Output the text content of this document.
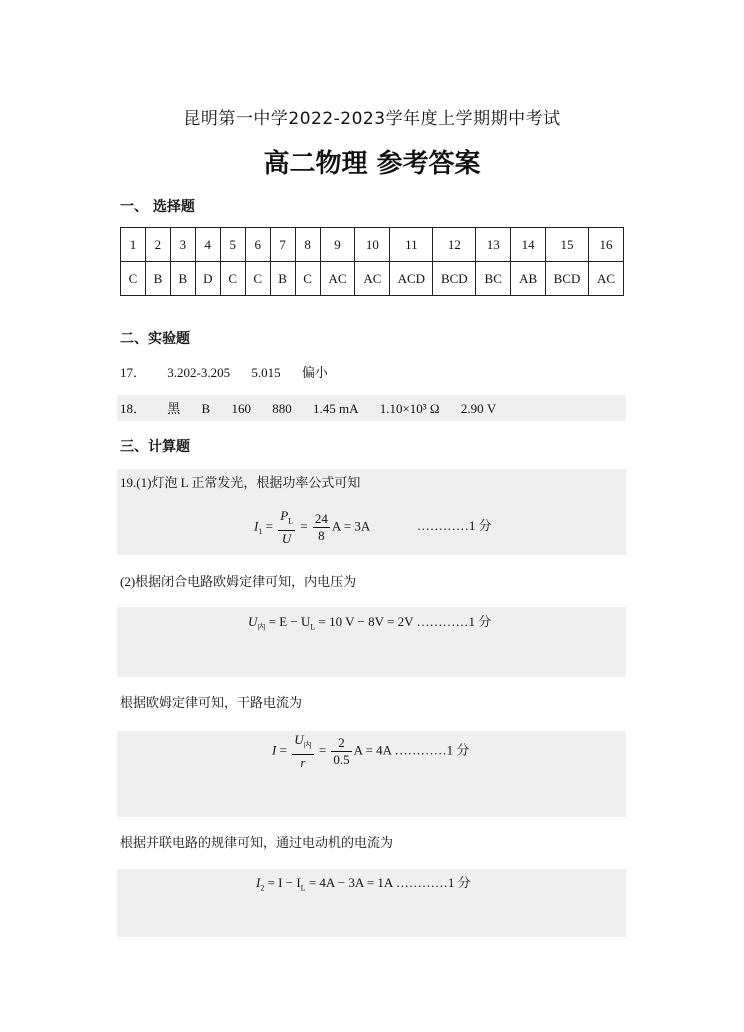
昆明第一中学2022-2023学年度上学期期中考试
高二物理 参考答案
一、 选择题
1	2	3	4	5	6	7	8	9	10	11	12	13	14	15	16
C	B	B	D	C	C	B	C	AC	AC	ACD	BCD	BC	AB	BCD	AC
二、实验题
17． 3.202-3.205 5.015 偏小
18． 黑 B 160 880 1.45 mA 1.10×10³ Ω 2.90 V
三、计算题
19.(1)灯泡 L 正常发光，根据功率公式可知
$I_1 = \frac{P_L}{U} = \frac{24}{8}$ A = 3A	…………1 分
(2)根据闭合电路欧姆定律可知，内电压为
$U_内 = E - U_L = 10$ V − 8V = 2V …………1 分
根据欧姆定律可知，干路电流为
$I = \frac{U_内}{r} = \frac{2}{0.5}$ A = 4A …………1 分
根据并联电路的规律可知，通过电动机的电流为
$I_2 = I - I_L = 4A - 3A = 1A$ …………1 分
